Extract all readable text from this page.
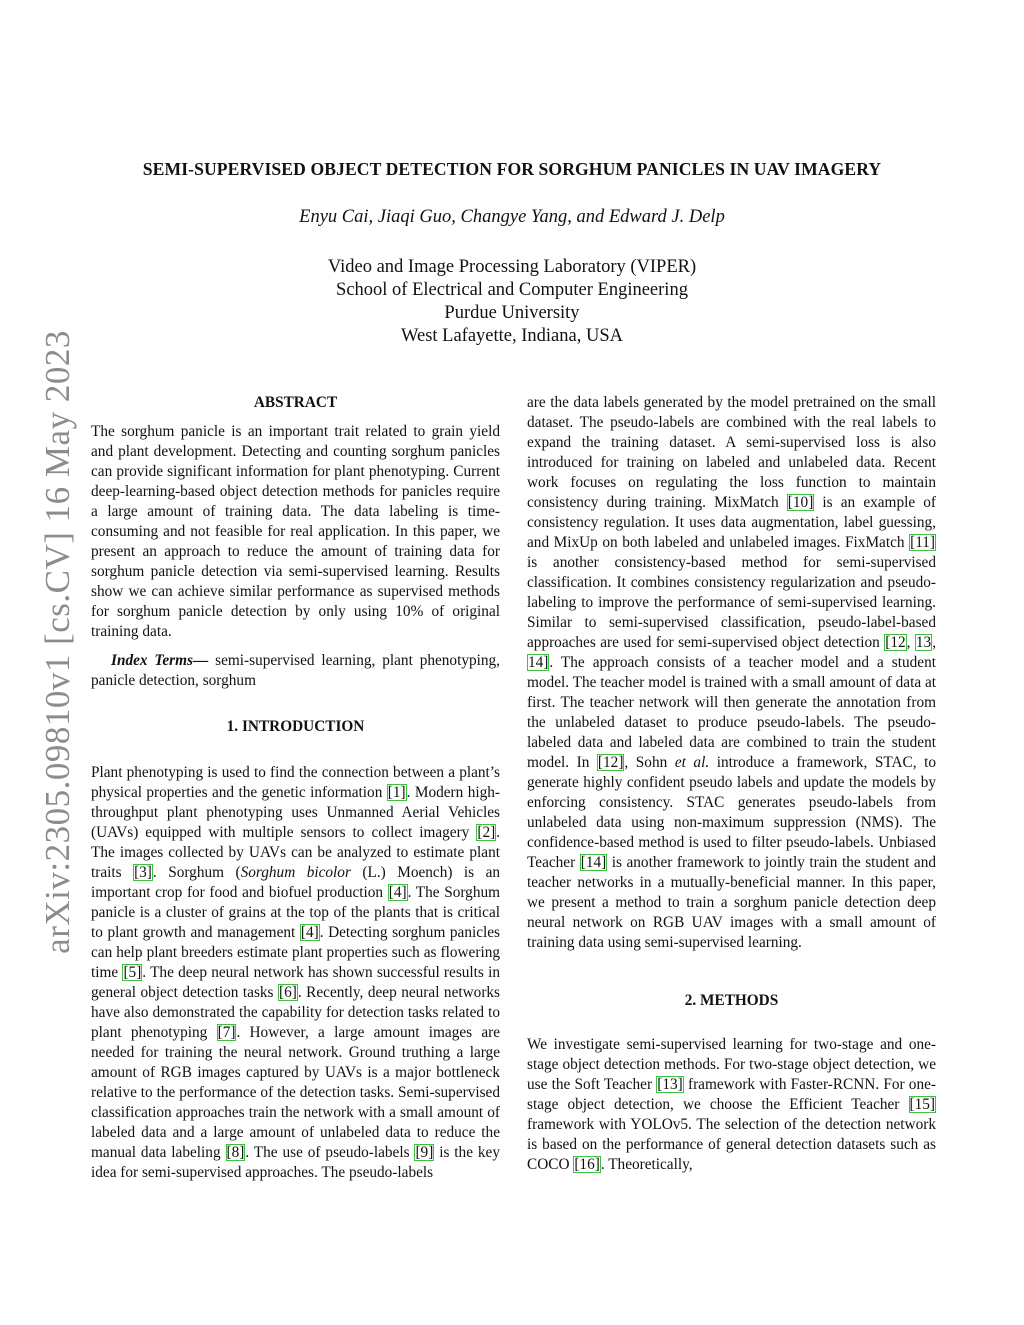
arXiv:2305.09810v1 [cs.CV] 16 May 2023
SEMI-SUPERVISED OBJECT DETECTION FOR SORGHUM PANICLES IN UAV IMAGERY
Enyu Cai, Jiaqi Guo, Changye Yang, and Edward J. Delp
Video and Image Processing Laboratory (VIPER)
School of Electrical and Computer Engineering
Purdue University
West Lafayette, Indiana, USA
ABSTRACT

The sorghum panicle is an important trait related to grain yield and plant development. Detecting and counting sorghum panicles can provide significant information for plant phenotyping. Current deep-learning-based object detection methods for panicles require a large amount of training data. The data labeling is time-consuming and not feasible for real application. In this paper, we present an approach to reduce the amount of training data for sorghum panicle detection via semi-supervised learning. Results show we can achieve similar performance as supervised methods for sorghum panicle detection by only using 10% of original training data.

Index Terms— semi-supervised learning, plant phenotyping, panicle detection, sorghum

1. INTRODUCTION

Plant phenotyping is used to find the connection between a plant’s physical properties and the genetic information [1]. Modern high-throughput plant phenotyping uses Unmanned Aerial Vehicles (UAVs) equipped with multiple sensors to collect imagery [2]. The images collected by UAVs can be analyzed to estimate plant traits [3]. Sorghum (Sorghum bicolor (L.) Moench) is an important crop for food and biofuel production [4]. The Sorghum panicle is a cluster of grains at the top of the plants that is critical to plant growth and management [4]. Detecting sorghum panicles can help plant breeders estimate plant properties such as flowering time [5]. The deep neural network has shown successful results in general object detection tasks [6]. Recently, deep neural networks have also demonstrated the capability for detection tasks related to plant phenotyping [7]. However, a large amount images are needed for training the neural network. Ground truthing a large amount of RGB images captured by UAVs is a major bottleneck relative to the performance of the detection tasks. Semi-supervised classification approaches train the network with a small amount of labeled data and a large amount of unlabeled data to reduce the manual data labeling [8]. The use of pseudo-labels [9] is the key idea for semi-supervised approaches. The pseudo-labels

are the data labels generated by the model pretrained on the small dataset. The pseudo-labels are combined with the real labels to expand the training dataset. A semi-supervised loss is also introduced for training on labeled and unlabeled data. Recent work focuses on regulating the loss function to maintain consistency during training. MixMatch [10] is an example of consistency regulation. It uses data augmentation, label guessing, and MixUp on both labeled and unlabeled images. FixMatch [11] is another consistency-based method for semi-supervised classification. It combines consistency regularization and pseudo-labeling to improve the performance of semi-supervised learning. Similar to semi-supervised classification, pseudo-label-based approaches are used for semi-supervised object detection [12, 13, 14]. The approach consists of a teacher model and a student model. The teacher model is trained with a small amount of data at first. The teacher network will then generate the annotation from the unlabeled dataset to produce pseudo-labels. The pseudo-labeled data and labeled data are combined to train the student model. In [12], Sohn et al. introduce a framework, STAC, to generate highly confident pseudo labels and update the models by enforcing consistency. STAC generates pseudo-labels from unlabeled data using non-maximum suppression (NMS). The confidence-based method is used to filter pseudo-labels. Unbiased Teacher [14] is another framework to jointly train the student and teacher networks in a mutually-beneficial manner. In this paper, we present a method to train a sorghum panicle detection deep neural network on RGB UAV images with a small amount of training data using semi-supervised learning.

2. METHODS

We investigate semi-supervised learning for two-stage and one-stage object detection methods. For two-stage object detection, we use the Soft Teacher [13] framework with Faster-RCNN. For one-stage object detection, we choose the Efficient Teacher [15] framework with YOLOv5. The selection of the detection network is based on the performance of general detection datasets such as COCO [16]. Theoretically,
